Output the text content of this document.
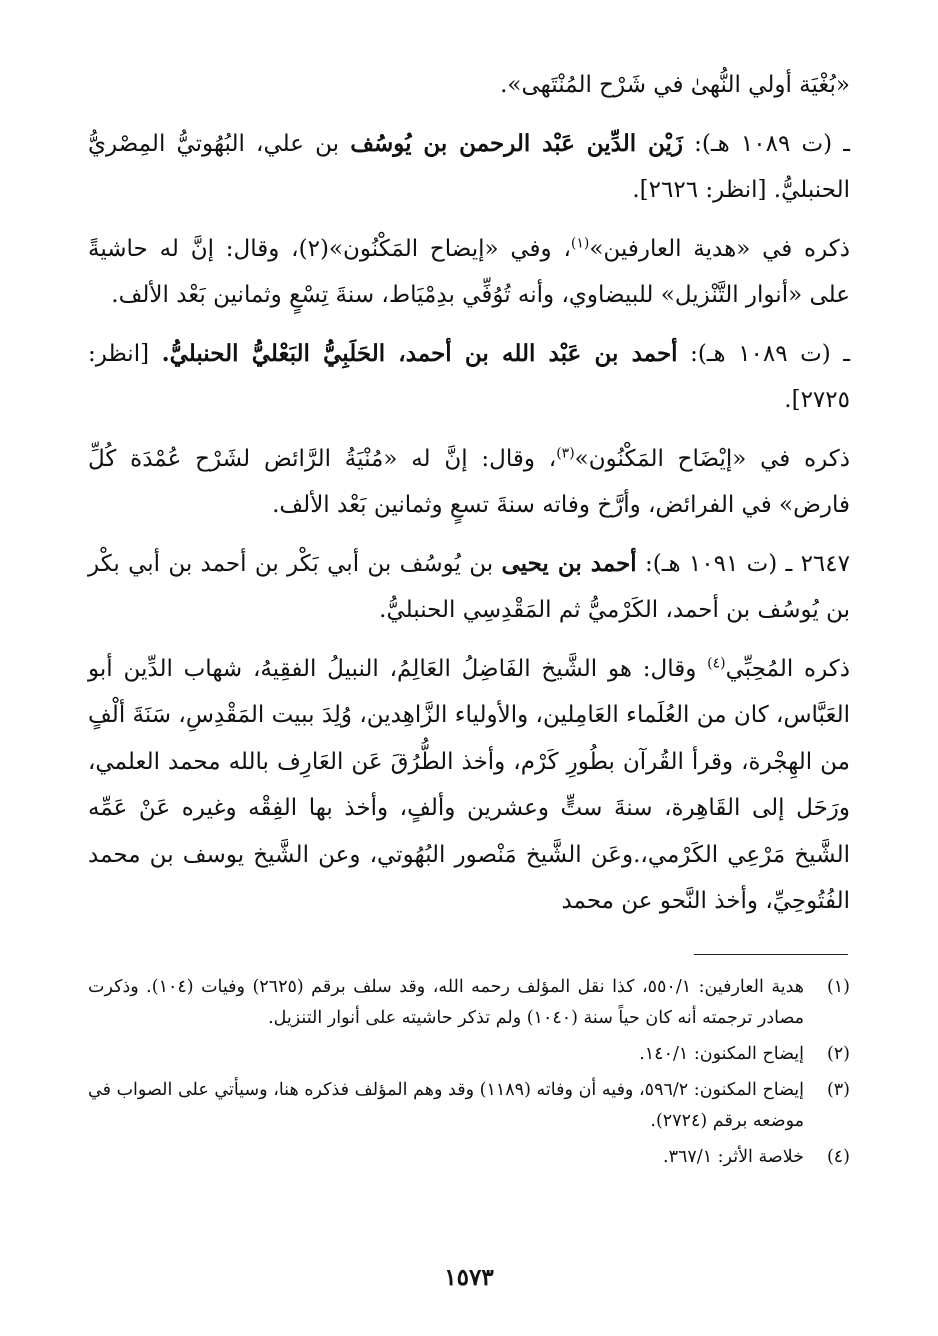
«بُغْيَة أولي النُّهىٰ في شَرْح المُنْتَهى».

ـ (ت ١٠٨٩ هـ): زَيْن الدِّين عَبْد الرحمن بن يُوسُف بن علي، البُهُوتيُّ المِصْريُّ الحنبليُّ. [انظر: ٢٦٢٦].

ذكره في «هدية العارفين»$^{(١)}$، وفي «إيضاح المَكْنُون»(٢)، وقال: إنَّ له حاشيةً على «أنوار التَّنْزيل» للبيضاوي، وأنه تُوُفِّي بدِمْيَاط، سنةَ تِسْعٍ وثمانين بَعْد الألف.

ـ (ت ١٠٨٩ هـ): أحمد بن عَبْد الله بن أحمد، الحَلَبِيُّ البَعْليُّ الحنبليُّ. [انظر: ٢٧٢٥].

ذكره في «إيْضَاح المَكْنُون»$^{(٣)}$، وقال: إنَّ له «مُنْيَةُ الرَّائض لشَرْح عُمْدَة كُلِّ فارض» في الفرائض، وأرَّخ وفاته سنةَ تسعٍ وثمانين بَعْد الألف.

٢٦٤٧ ـ (ت ١٠٩١ هـ): أحمد بن يحيى بن يُوسُف بن أبي بَكْر بن أحمد بن أبي بكْر بن يُوسُف بن أحمد، الكَرْميُّ ثم المَقْدِسِي الحنبليُّ.

ذكره المُحِبِّي$^{(٤)}$ وقال: هو الشَّيخ الفَاضِلُ العَالِمُ، النبيلُ الفقِيهُ، شهاب الدِّين أبو العَبَّاس، كان من العُلَماء العَامِلين، والأولياء الزَّاهِدين، وُلِدَ ببيت المَقْدِسِ، سَنَةَ ألْفٍ من الهِجْرة، وقرأ القُرآن بطُورِ كَرْم، وأخذ الطُّرُقَ عَن العَارِف بالله محمد العلمي، ورَحَل إلى القَاهِرة، سنةَ ستٍّ وعشرين وألفٍ، وأخذ بها الفِقْه وغيره عَنْ عَمِّه الشَّيخ مَرْعِي الكَرْمي،.وعَن الشَّيخ مَنْصور البُهُوتي، وعن الشَّيخ يوسف بن محمد الفُتُوحِيِّ، وأخذ النَّحو عن محمد

(١)
هدية العارفين: ٥٥٠/١، كذا نقل المؤلف رحمه الله، وقد سلف برقم (٢٦٢٥) وفيات (١٠٤). وذكرت مصادر ترجمته أنه كان حياً سنة (١٠٤٠) ولم تذكر حاشيته على أنوار التنزيل.
(٢)
إيضاح المكنون: ١٤٠/١.
(٣)
إيضاح المكنون: ٥٩٦/٢، وفيه أن وفاته (١١٨٩) وقد وهم المؤلف فذكره هنا، وسيأتي على الصواب في موضعه برقم (٢٧٢٤).
(٤)
خلاصة الأثر: ٣٦٧/١.
١٥٧٣
